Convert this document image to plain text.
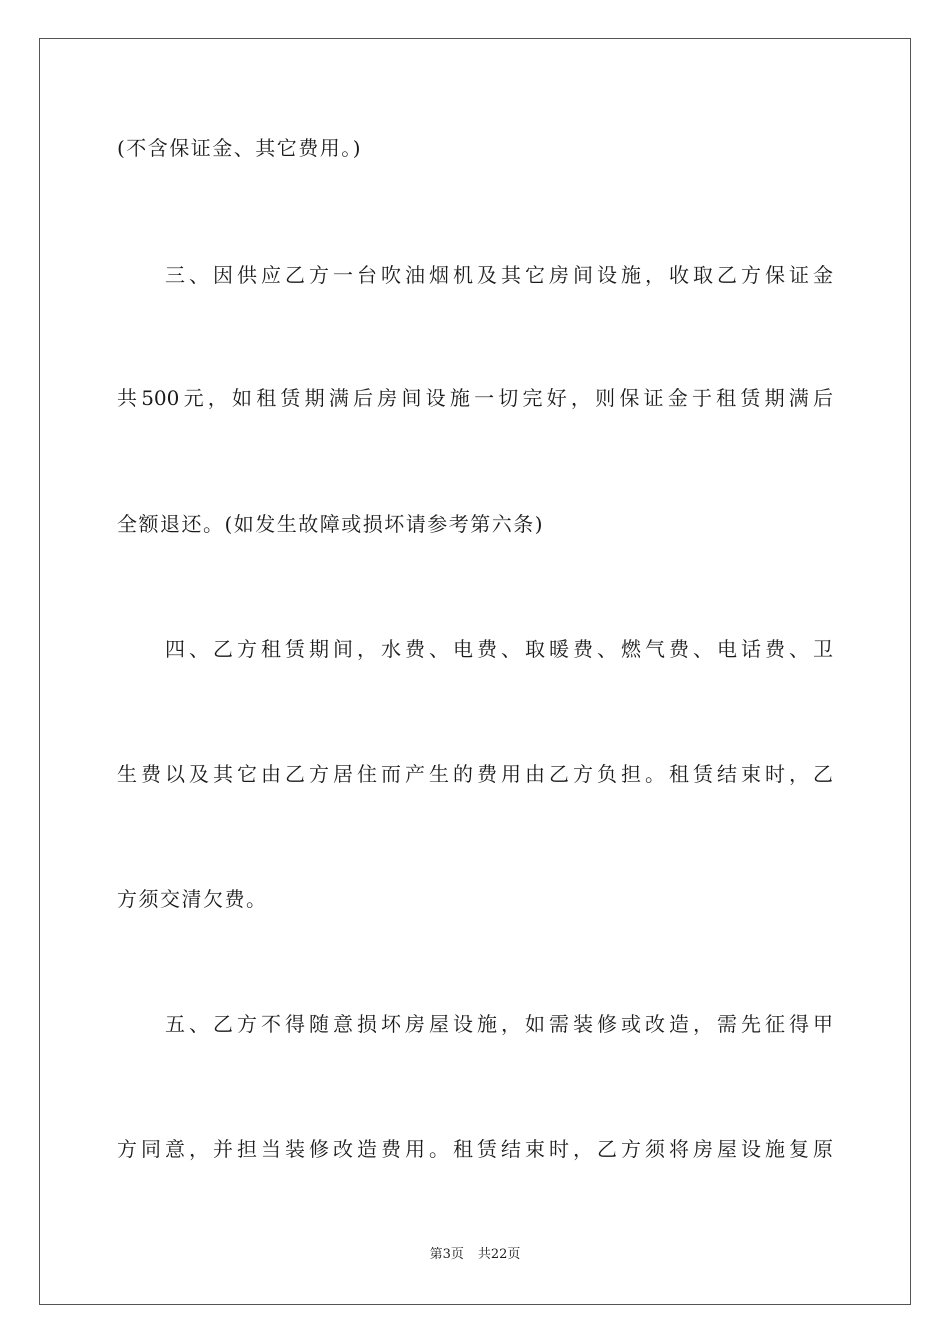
(不含保证金、其它费用。)
　　三、因供应乙方一台吹油烟机及其它房间设施，收取乙方保证金
共500元，如租赁期满后房间设施一切完好，则保证金于租赁期满后
全额退还。(如发生故障或损坏请参考第六条)
　　四、乙方租赁期间，水费、电费、取暖费、燃气费、电话费、卫
生费以及其它由乙方居住而产生的费用由乙方负担。租赁结束时，乙
方须交清欠费。
　　五、乙方不得随意损坏房屋设施，如需装修或改造，需先征得甲
方同意，并担当装修改造费用。租赁结束时，乙方须将房屋设施复原
第3页 共22页
